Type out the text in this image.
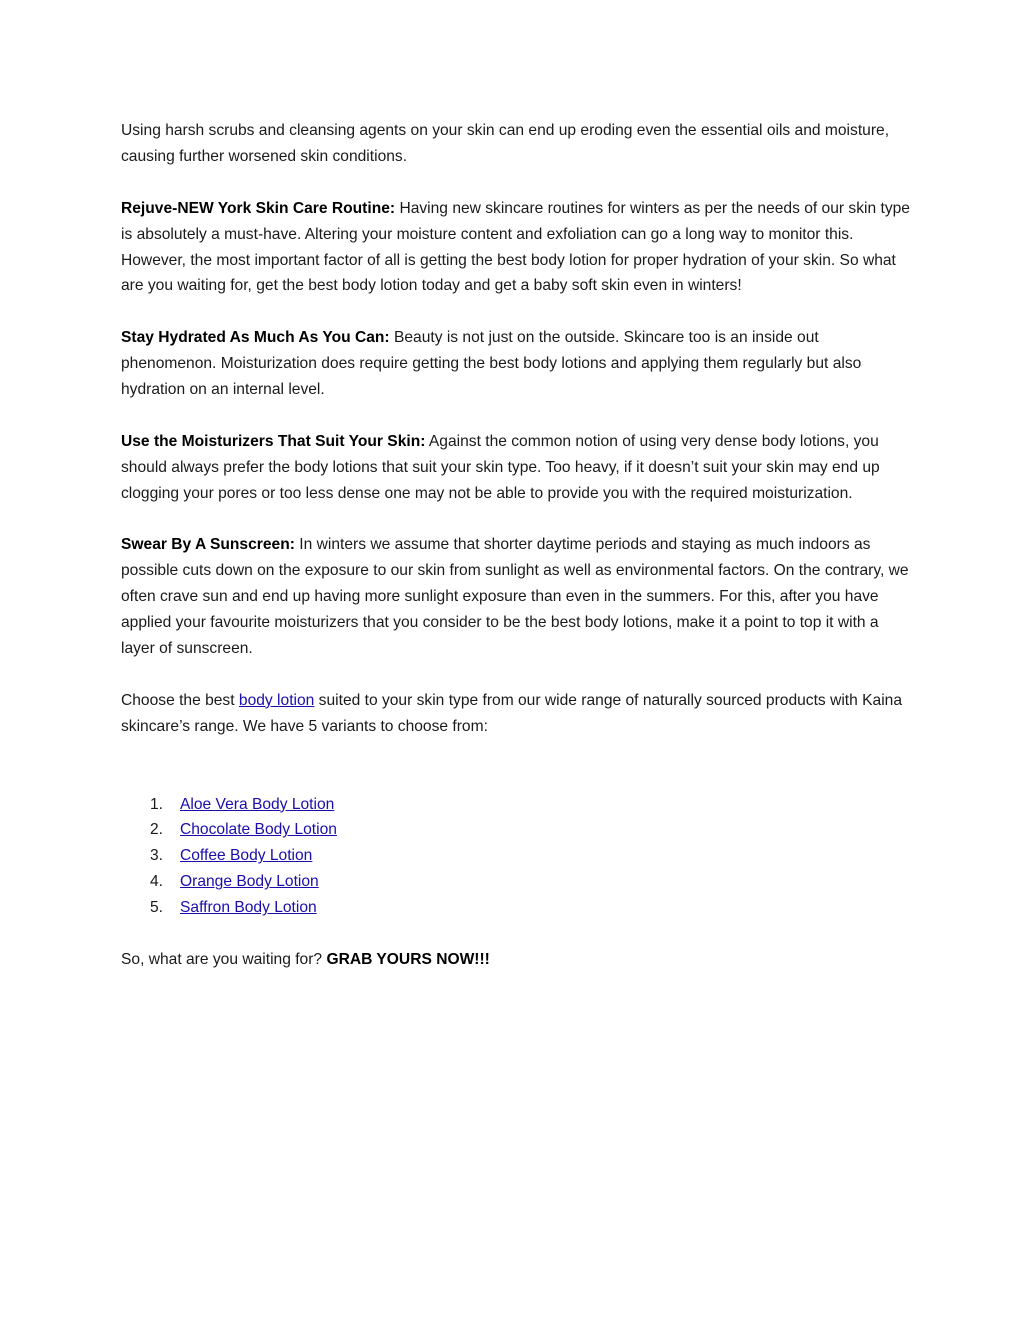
Using harsh scrubs and cleansing agents on your skin can end up eroding even the essential oils and moisture, causing further worsened skin conditions.

Rejuve-NEW York Skin Care Routine: Having new skincare routines for winters as per the needs of our skin type is absolutely a must-have. Altering your moisture content and exfoliation can go a long way to monitor this. However, the most important factor of all is getting the best body lotion for proper hydration of your skin. So what are you waiting for, get the best body lotion today and get a baby soft skin even in winters!

Stay Hydrated As Much As You Can: Beauty is not just on the outside. Skincare too is an inside out phenomenon. Moisturization does require getting the best body lotions and applying them regularly but also hydration on an internal level.

Use the Moisturizers That Suit Your Skin: Against the common notion of using very dense body lotions, you should always prefer the body lotions that suit your skin type. Too heavy, if it doesn’t suit your skin may end up clogging your pores or too less dense one may not be able to provide you with the required moisturization.

Swear By A Sunscreen: In winters we assume that shorter daytime periods and staying as much indoors as possible cuts down on the exposure to our skin from sunlight as well as environmental factors. On the contrary, we often crave sun and end up having more sunlight exposure than even in the summers. For this, after you have applied your favourite moisturizers that you consider to be the best body lotions, make it a point to top it with a layer of sunscreen.

Choose the best body lotion suited to your skin type from our wide range of naturally sourced products with Kaina skincare’s range. We have 5 variants to choose from:

1. Aloe Vera Body Lotion
2. Chocolate Body Lotion
3. Coffee Body Lotion
4. Orange Body Lotion
5. Saffron Body Lotion

So, what are you waiting for? GRAB YOURS NOW!!!
